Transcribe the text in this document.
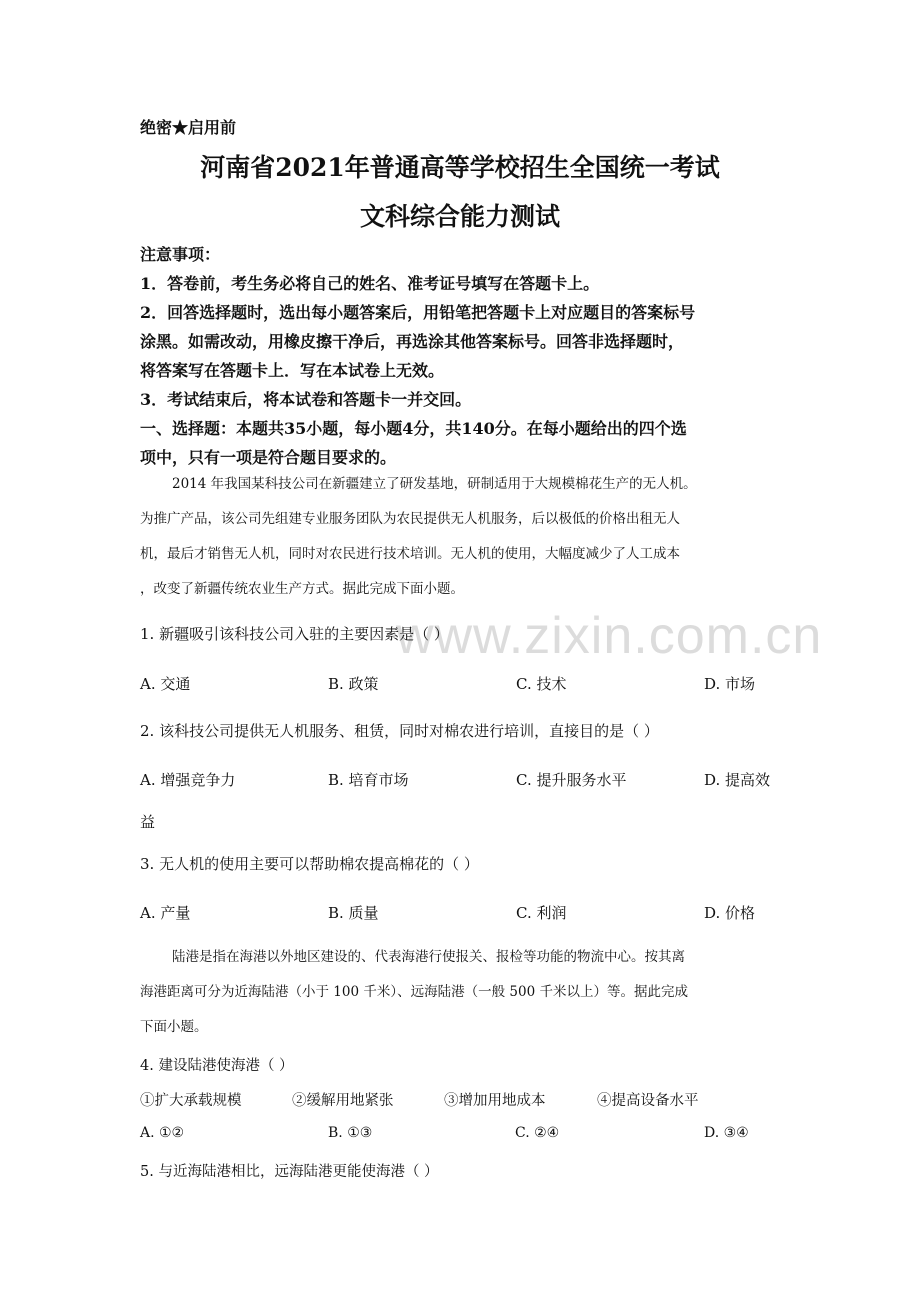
www.zixin.com.cn
绝密★启用前
河南省2021年普通高等学校招生全国统一考试
文科综合能力测试
注意事项：
1．答卷前，考生务必将自己的姓名、准考证号填写在答题卡上。
2．回答选择题时，选出每小题答案后，用铅笔把答题卡上对应题目的答案标号
涂黑。如需改动，用橡皮擦干净后，再选涂其他答案标号。回答非选择题时，
将答案写在答题卡上．写在本试卷上无效。
3．考试结束后，将本试卷和答题卡一并交回。
一、选择题：本题共35小题，每小题4分，共140分。在每小题给出的四个选
项中，只有一项是符合题目要求的。
2014 年我国某科技公司在新疆建立了研发基地，研制适用于大规模棉花生产的无人机。
为推广产品，该公司先组建专业服务团队为农民提供无人机服务，后以极低的价格出租无人
机，最后才销售无人机，同时对农民进行技术培训。无人机的使用，大幅度减少了人工成本
，改变了新疆传统农业生产方式。据此完成下面小题。
1. 新疆吸引该科技公司入驻的主要因素是（ ）
A. 交通	B. 政策	C. 技术	D. 市场
2. 该科技公司提供无人机服务、租赁，同时对棉农进行培训，直接目的是（ ）
A. 增强竞争力	B. 培育市场	C. 提升服务水平	D. 提高效
益
3. 无人机的使用主要可以帮助棉农提高棉花的（ ）
A. 产量	B. 质量	C. 利润	D. 价格
陆港是指在海港以外地区建设的、代表海港行使报关、报检等功能的物流中心。按其离
海港距离可分为近海陆港（小于 100 千米）、远海陆港（一般 500 千米以上）等。据此完成
下面小题。
4. 建设陆港使海港（ ）
①扩大承载规模	②缓解用地紧张	③增加用地成本	④提高设备水平
A. ①②	B. ①③	C. ②④	D. ③④
5. 与近海陆港相比，远海陆港更能使海港（ ）
